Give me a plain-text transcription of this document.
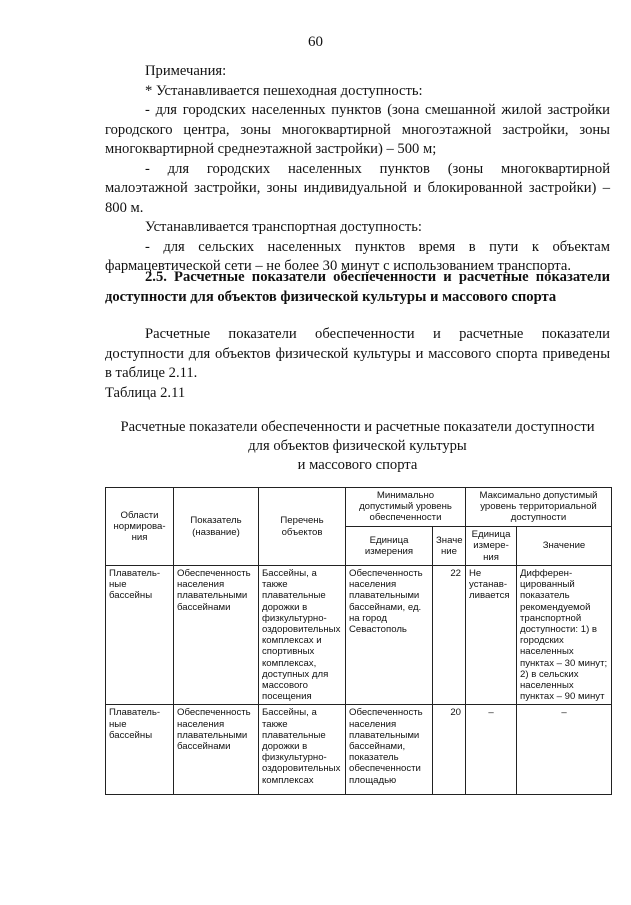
60

Примечания:

* Устанавливается пешеходная доступность:

- для городских населенных пунктов (зона смешанной жилой застройки городского центра, зоны многоквартирной многоэтажной застройки, зоны многоквартирной среднеэтажной застройки) – 500 м;

- для городских населенных пунктов (зоны многоквартирной малоэтажной застройки, зоны индивидуальной и блокированной застройки) – 800 м.

Устанавливается транспортная доступность:

- для сельских населенных пунктов время в пути к объектам фармацевтической сети – не более 30 минут с использованием транспорта.

2.5. Расчетные показатели обеспеченности и расчетные показатели доступности для объектов физической культуры и массового спорта

Расчетные показатели обеспеченности и расчетные показатели доступности для объектов физической культуры и массового спорта приведены в таблице 2.11.

Таблица 2.11
Расчетные показатели обеспеченности и расчетные показатели доступности
для объектов физической культуры
и массового спорта
Области нормирова-ния	Показатель (название)	Перечень объектов	Минимально допустимый уровень обеспеченности		Максимально допустимый уровень территориальной доступности	
			Единица измерения	Значе ние	Единица измере-ния	Значение
Плаватель-ные бассейны	Обеспеченность населения плавательными бассейнами	Бассейны, а также плавательные дорожки в физкультурно-оздоровительных комплексах и спортивных комплексах, доступных для массового посещения	Обеспеченность населения плавательными бассейнами, ед. на город Севастополь	22	Не устанав-ливается	Дифферен-цированный показатель рекомендуемой транспортной доступности: 1) в городских населенных пунктах – 30 минут; 2) в сельских населенных пунктах – 90 минут
Плаватель-ные бассейны	Обеспеченность населения плавательными бассейнами	Бассейны, а также плавательные дорожки в физкультурно-оздоровительных комплексах	Обеспеченность населения плавательными бассейнами, показатель обеспеченности площадью	20	–	–
